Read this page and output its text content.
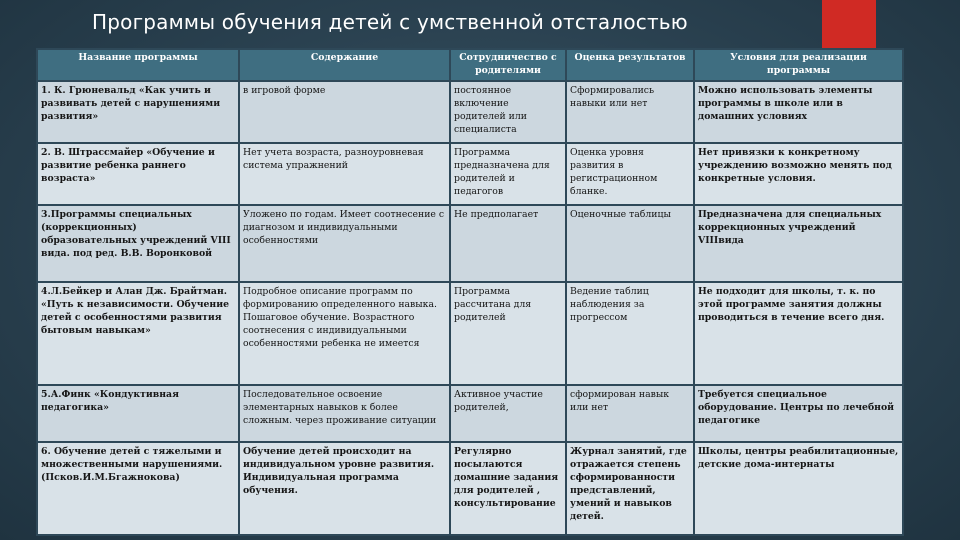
Программы обучения детей с умственной отсталостью
Название программы	Содержание	Сотрудничество с родителями	Оценка результатов	Условия для реализации программы
1. К. Грюневальд «Как учить и развивать детей с нарушениями развития»	в игровой форме	постоянное включение родителей или специалиста	Сформировались навыки или нет	Можно использовать элементы программы в школе или в домашних условиях
2. В. Штрассмайер «Обучение и развитие ребенка раннего возраста»	Нет учета возраста, разноуровневая система упражнений	Программа предназначена для родителей и педагогов	Оценка уровня развития в регистрационном бланке.	Нет привязки к конкретному учреждению возможно менять под конкретные условия.
3.Программы специальных (коррекционных) образовательных учреждений VIII вида. под ред. В.В. Воронковой	Уложено по годам. Имеет соотнесение с диагнозом и индивидуальными особенностями	Не предполагает	Оценочные таблицы	Предназначена для специальных коррекционных учреждений VIIIвида
4.Л.Бейкер и Алан Дж. Брайтман. «Путь к независимости. Обучение детей с особенностями развития бытовым навыкам»	Подробное описание программ по формированию определенного навыка. Пошаговое обучение. Возрастного соотнесения с индивидуальными особенностями ребенка не имеется	Программа рассчитана для родителей	Ведение таблиц наблюдения за прогрессом	Не подходит для школы, т. к. по этой программе занятия должны проводиться в течение всего дня.
5.А.Финк «Кондуктивная педагогика»	Последовательное освоение элементарных навыков к более сложным. через проживание ситуации	Активное участие родителей,	сформирован навык или нет	Требуется специальное оборудование. Центры по лечебной педагогике
6. Обучение детей с тяжелыми и множественными нарушениями. (Псков.И.М.Бгажнокова)	Обучение детей происходит на индивидуальном уровне развития. Индивидуальная программа обучения.	Регулярно посылаются домашние задания для родителей , консультирование	Журнал занятий, где отражается степень сформированности представлений, умений и навыков детей.	Школы, центры реабилитационные, детские дома-интернаты
